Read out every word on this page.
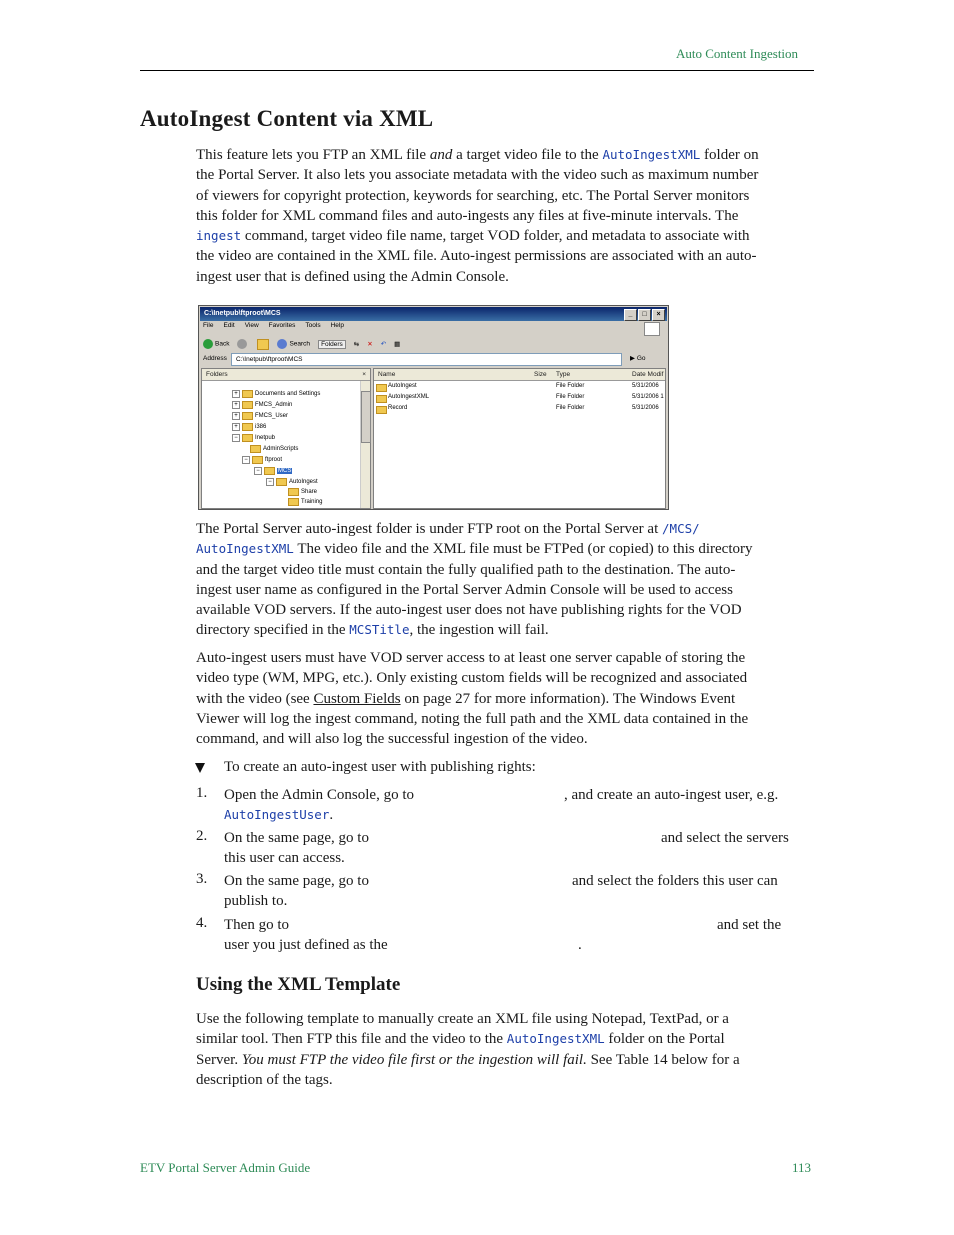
Auto Content Ingestion
AutoIngest Content via XML
This feature lets you FTP an XML file and a target video file to the AutoIngestXML folder on
the Portal Server. It also lets you associate metadata with the video such as maximum number
of viewers for copyright protection, keywords for searching, etc. The Portal Server monitors
this folder for XML command files and auto-ingests any files at five-minute intervals. The
ingest command, target video file name, target VOD folder, and metadata to associate with
the video are contained in the XML file. Auto-ingest permissions are associated with an auto-
ingest user that is defined using the Admin Console.
C:\Inetpub\ftproot\MCS	_	□	×
File Edit View Favorites Tools Help
Back	Search	Folders	⇆ ✕ ↶ ▦
Address	C:\Inetpub\ftproot\MCS	▶ Go
Folders	×
+	Documents and Settings
+	FMCS_Admin
+	FMCS_User
+	i386
−	Inetpub
AdminScripts
−	ftproot
−	MCS
−	AutoIngest
Share
Training
Name	Size Type	Date Modif
AutoIngest	File Folder	5/31/2006
AutoIngestXML	File Folder	5/31/2006 1
Record	File Folder	5/31/2006
The Portal Server auto-ingest folder is under FTP root on the Portal Server at /MCS/
AutoIngestXML The video file and the XML file must be FTPed (or copied) to this directory
and the target video title must contain the fully qualified path to the destination. The auto-
ingest user name as configured in the Portal Server Admin Console will be used to access
available VOD servers. If the auto-ingest user does not have publishing rights for the VOD
directory specified in the MCSTitle, the ingestion will fail.
Auto-ingest users must have VOD server access to at least one server capable of storing the
video type (WM, MPG, etc.). Only existing custom fields will be recognized and associated
with the video (see Custom Fields on page 27 for more information). The Windows Event
Viewer will log the ingest command, noting the full path and the XML data contained in the
command, and will also log the successful ingestion of the video.
To create an auto-ingest user with publishing rights:
1. Open the Admin Console, go to	, and create an auto-ingest user, e.g.
AutoIngestUser.
2. On the same page, go to	and select the servers
this user can access.
3. On the same page, go to	and select the folders this user can
publish to.
4. Then go to	and set the
user you just defined as the	.
Using the XML Template
Use the following template to manually create an XML file using Notepad, TextPad, or a
similar tool. Then FTP this file and the video to the AutoIngestXML folder on the Portal
Server. You must FTP the video file first or the ingestion will fail. See Table 14 below for a
description of the tags.
ETV Portal Server Admin Guide	113
